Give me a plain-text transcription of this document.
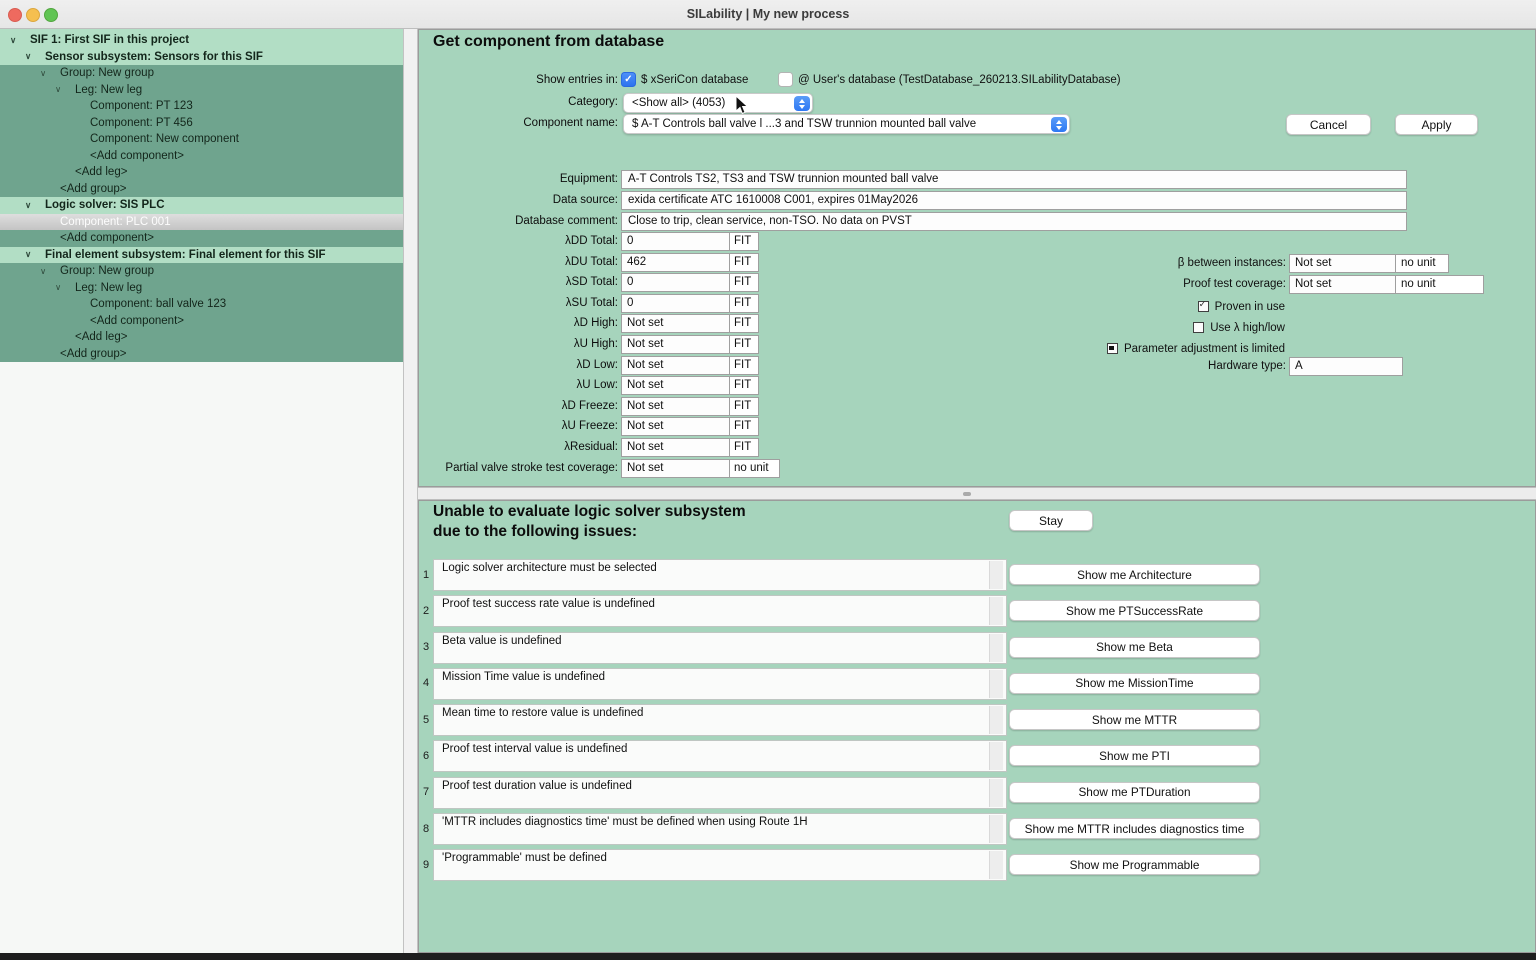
SILability | My new process
∨	SIF 1: First SIF in this project
∨	Sensor subsystem: Sensors for this SIF
∨	Group: New group
∨	Leg: New leg
Component: PT 123
Component: PT 456
Component: New component
<Add component>
<Add leg>
<Add group>
∨	Logic solver: SIS PLC
Component: PLC 001
<Add component>
∨	Final element subsystem: Final element for this SIF
∨	Group: New group
∨	Leg: New leg
Component: ball valve 123
<Add component>
<Add leg>
<Add group>
Get component from database
Show entries in: ✓ $ xSeriCon database	@ User's database (TestDatabase_260213.SILabilityDatabase)
Category: <Show all> (4053)
Component name: $ A-T Controls ball valve l ...3 and TSW trunnion mounted ball valve	Cancel	Apply
Equipment: A-T Controls TS2, TS3 and TSW trunnion mounted ball valve
Data source: exida certificate ATC 1610008 C001, expires 01May2026
Database comment: Close to trip, clean service, non-TSO. No data on PVST
λDD Total: 0	FIT
λDU Total: 462	FIT
λSD Total: 0	FIT
λSU Total: 0	FIT
λD High: Not set	FIT
λU High: Not set	FIT
λD Low: Not set	FIT
λU Low: Not set	FIT
λD Freeze: Not set	FIT
λU Freeze: Not set	FIT
λResidual: Not set	FIT
Partial valve stroke test coverage: Not set	no unit
β between instances: Not set	no unit
Proof test coverage: Not set	no unit
✓ Proven in use
Use λ high/low
Parameter adjustment is limited
Hardware type: A
Unable to evaluate logic solver subsystem
due to the following issues:
Stay
1
Logic solver architecture must be selected	Show me Architecture
2
Proof test success rate value is undefined	Show me PTSuccessRate
3
Beta value is undefined	Show me Beta
4
Mission Time value is undefined	Show me MissionTime
5
Mean time to restore value is undefined	Show me MTTR
6
Proof test interval value is undefined	Show me PTI
7
Proof test duration value is undefined	Show me PTDuration
8
'MTTR includes diagnostics time' must be defined when using Route 1H	Show me MTTR includes diagnostics time
9
'Programmable' must be defined	Show me Programmable
